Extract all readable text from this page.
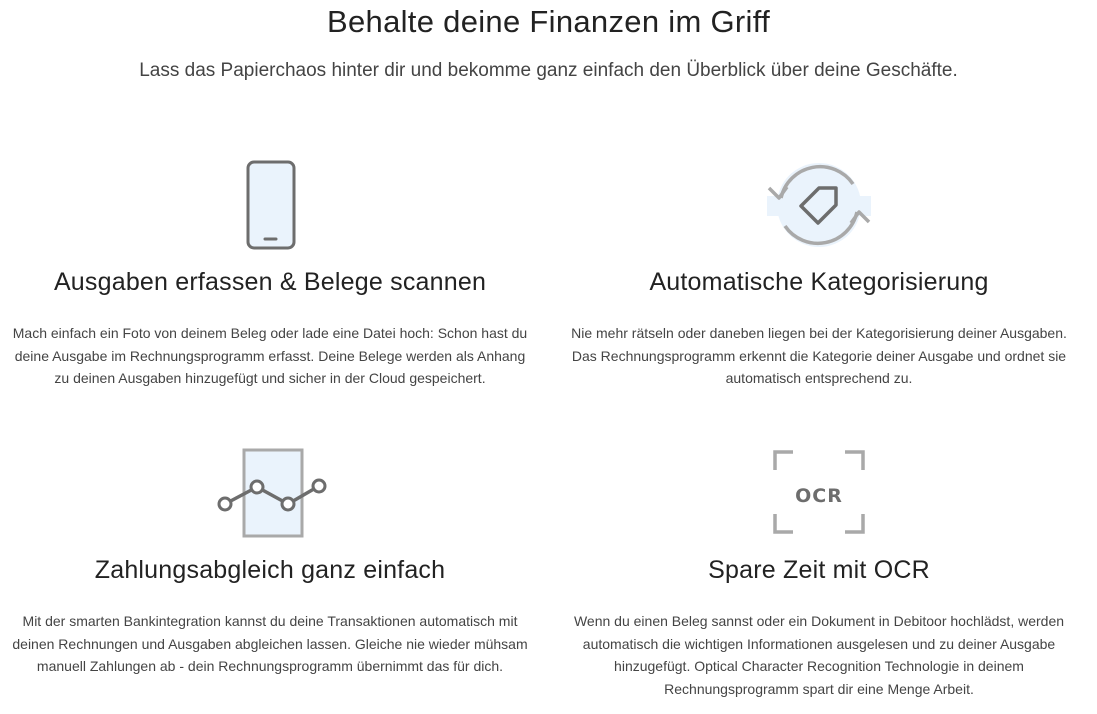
Behalte deine Finanzen im Griff

Lass das Papierchaos hinter dir und bekomme ganz einfach den Überblick über deine Geschäfte.

Ausgaben erfassen & Belege scannen

Mach einfach ein Foto von deinem Beleg oder lade eine Datei hoch: Schon hast du deine Ausgabe im Rechnungsprogramm erfasst. Deine Belege werden als Anhang zu deinen Ausgaben hinzugefügt und sicher in der Cloud gespeichert.

Automatische Kategorisierung

Nie mehr rätseln oder daneben liegen bei der Kategorisierung deiner Ausgaben. Das Rechnungsprogramm erkennt die Kategorie deiner Ausgabe und ordnet sie automatisch entsprechend zu.

Zahlungsabgleich ganz einfach

Mit der smarten Bankintegration kannst du deine Transaktionen automatisch mit deinen Rechnungen und Ausgaben abgleichen lassen. Gleiche nie wieder mühsam manuell Zahlungen ab - dein Rechnungsprogramm übernimmt das für dich.

OCR
Spare Zeit mit OCR

Wenn du einen Beleg sannst oder ein Dokument in Debitoor hochlädst, werden automatisch die wichtigen Informationen ausgelesen und zu deiner Ausgabe hinzugefügt. Optical Character Recognition Technologie in deinem Rechnungsprogramm spart dir eine Menge Arbeit.
